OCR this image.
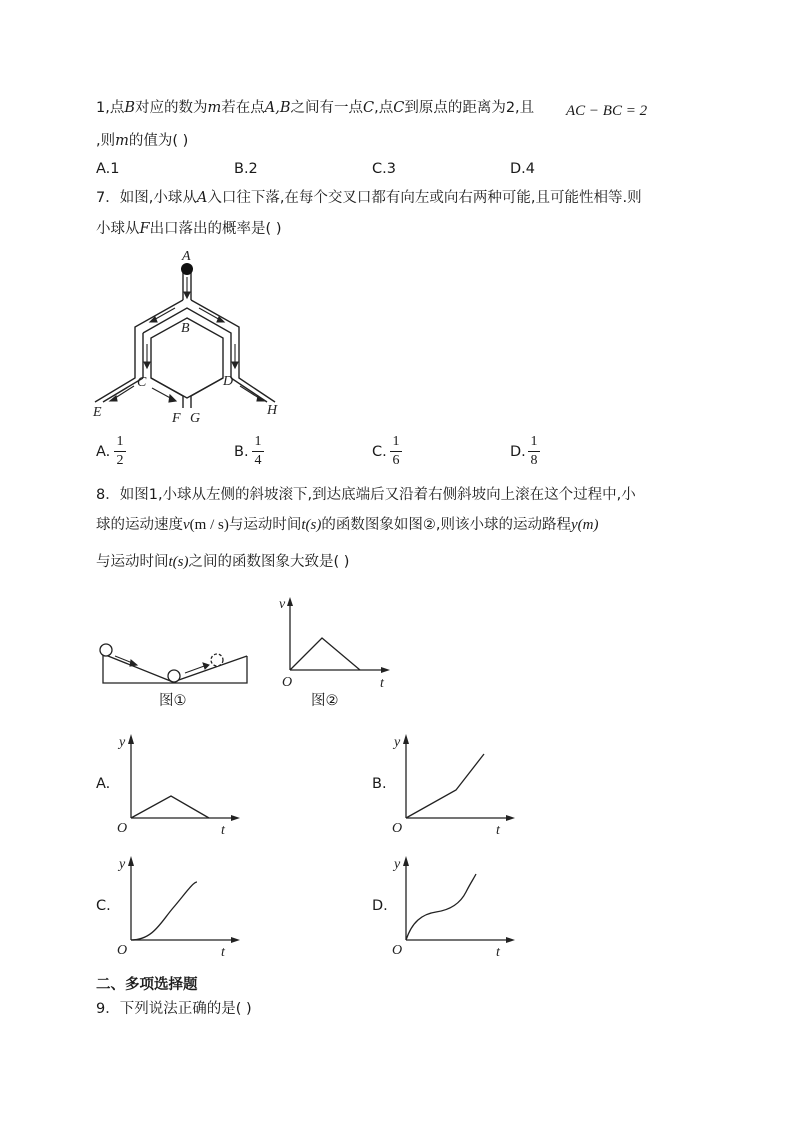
1,点B对应的数为m若在点A,B之间有一点C,点C到原点的距离为2,且 AC − BC = 2
,则m的值为( )
A.1	B.2	C.3	D.4
7．如图,小球从A入口往下落,在每个交叉口都有向左或向右两种可能,且可能性相等.则
小球从F出口落出的概率是( )
A
B
C	D
E	F G
H
A.
1
2
B.
1
4
C.
1
6
D.
1
8
8．如图1,小球从左侧的斜坡滚下,到达底端后又沿着右侧斜坡向上滚在这个过程中,小
球的运动速度v(m / s)与运动时间t(s)的函数图象如图②,则该小球的运动路程y(m)
与运动时间t(s)之间的函数图象大致是( )
图①
v
t
O
图②
A.
y
t
O
B.
y
t
O
C.
y
t
O
D.
y
t
O
二、多项选择题
9．下列说法正确的是( )
